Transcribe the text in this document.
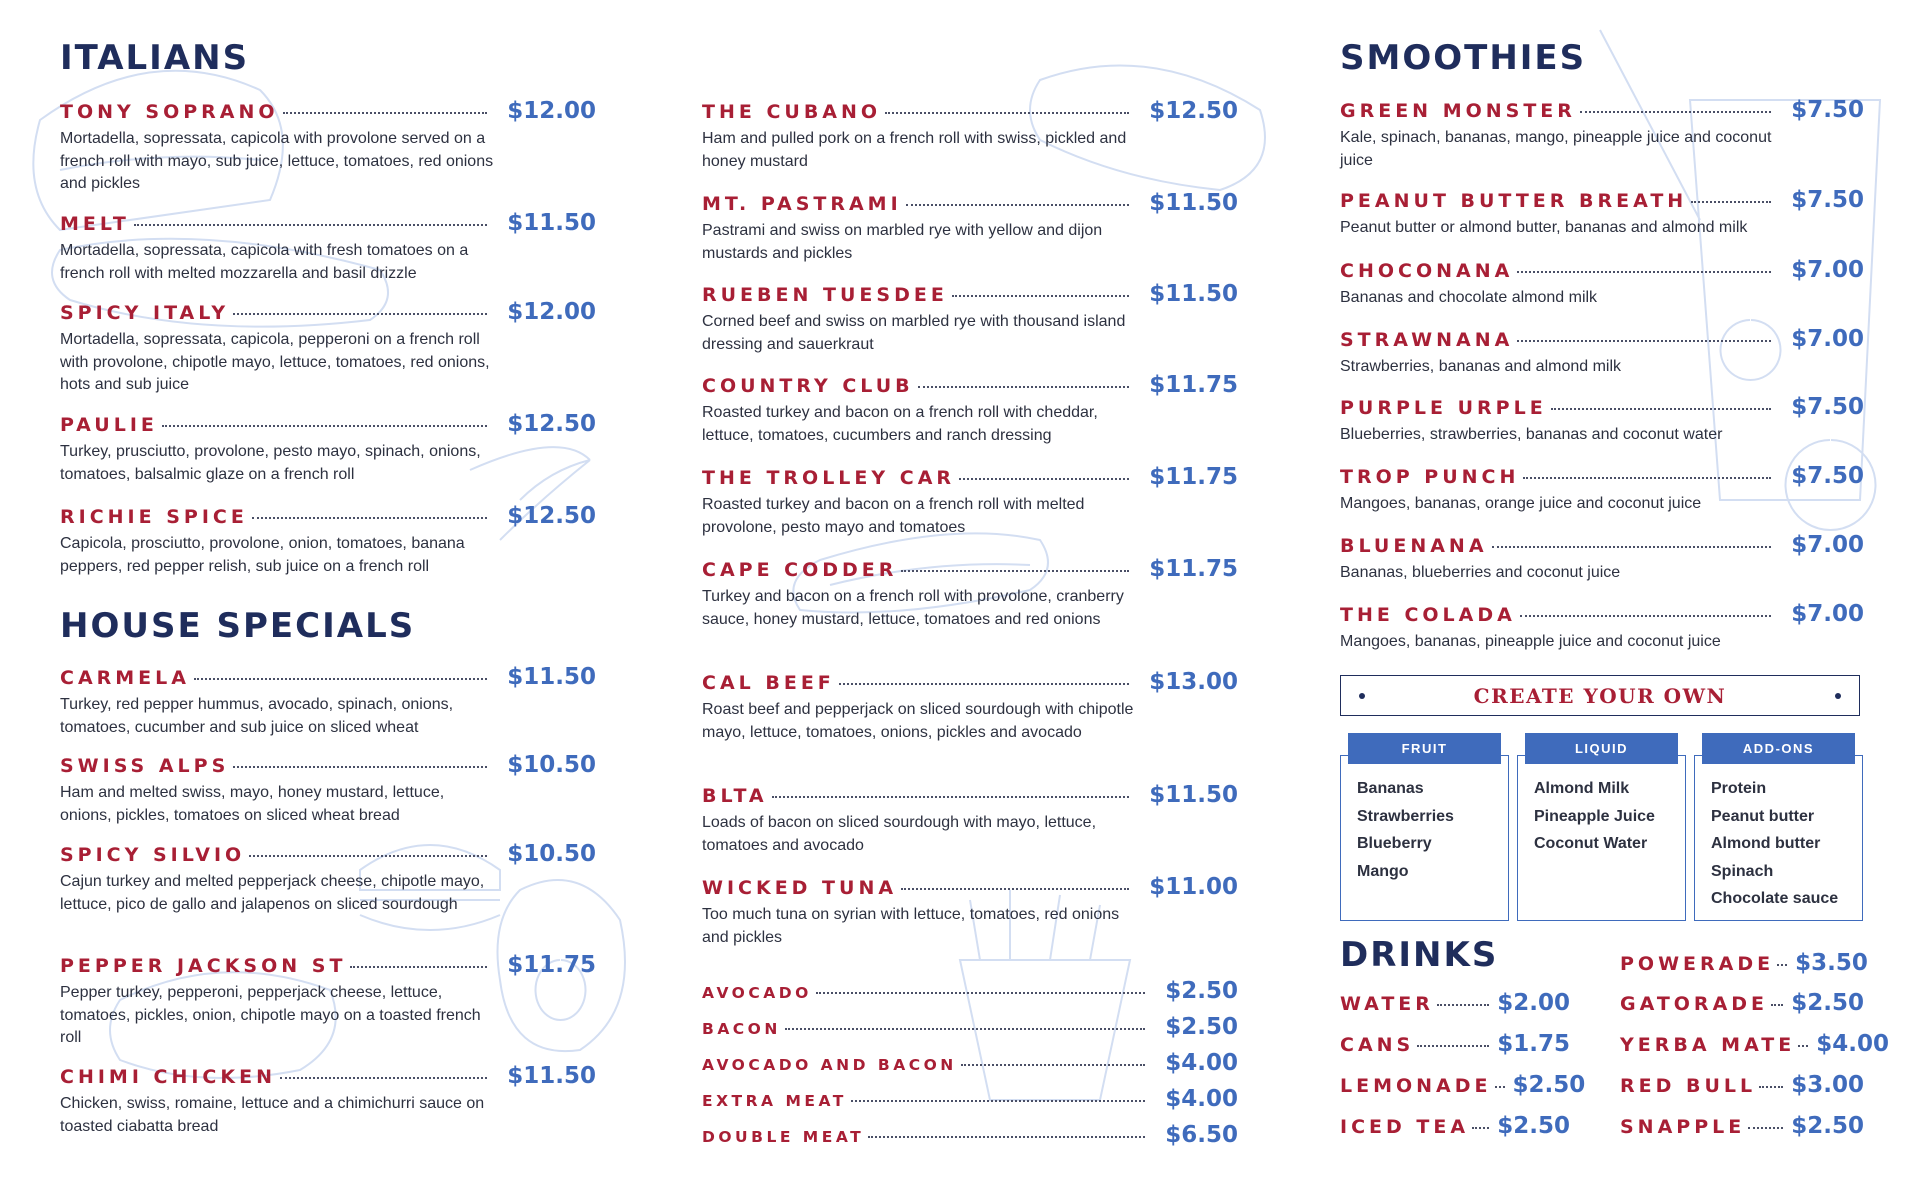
ITALIANS
TONY SOPRANO	$12.00
Mortadella, sopressata, capicola with provolone served on a french roll with mayo, sub juice, lettuce, tomatoes, red onions and pickles
MELT	$11.50
Mortadella, sopressata, capicola with fresh tomatoes on a french roll with melted mozzarella and basil drizzle
SPICY ITALY	$12.00
Mortadella, sopressata, capicola, pepperoni on a french roll with provolone, chipotle mayo, lettuce, tomatoes, red onions, hots and sub juice
PAULIE	$12.50
Turkey, prusciutto, provolone, pesto mayo, spinach, onions, tomatoes, balsalmic glaze on a french roll
RICHIE SPICE	$12.50
Capicola, prosciutto, provolone, onion, tomatoes, banana peppers, red pepper relish, sub juice on a french roll
HOUSE SPECIALS
CARMELA	$11.50
Turkey, red pepper hummus, avocado, spinach, onions, tomatoes, cucumber and sub juice on sliced wheat
SWISS ALPS	$10.50
Ham and melted swiss, mayo, honey mustard, lettuce, onions, pickles, tomatoes on sliced wheat bread
SPICY SILVIO	$10.50
Cajun turkey and melted pepperjack cheese, chipotle mayo, lettuce, pico de gallo and jalapenos on sliced sourdough
PEPPER JACKSON ST	$11.75
Pepper turkey, pepperoni, pepperjack cheese, lettuce, tomatoes, pickles, onion, chipotle mayo on a toasted french roll
CHIMI CHICKEN	$11.50
Chicken, swiss, romaine, lettuce and a chimichurri sauce on toasted ciabatta bread
THE CUBANO	$12.50
Ham and pulled pork on a french roll with swiss, pickled and honey mustard
MT. PASTRAMI	$11.50
Pastrami and swiss on marbled rye with yellow and dijon mustards and pickles
RUEBEN TUESDEE	$11.50
Corned beef and swiss on marbled rye with thousand island dressing and sauerkraut
COUNTRY CLUB	$11.75
Roasted turkey and bacon on a french roll with cheddar, lettuce, tomatoes, cucumbers and ranch dressing
THE TROLLEY CAR	$11.75
Roasted turkey and bacon on a french roll with melted provolone, pesto mayo and tomatoes
CAPE CODDER	$11.75
Turkey and bacon on a french roll with provolone, cranberry sauce, honey mustard, lettuce, tomatoes and red onions
CAL BEEF	$13.00
Roast beef and pepperjack on sliced sourdough with chipotle mayo, lettuce, tomatoes, onions, pickles and avocado
BLTA	$11.50
Loads of bacon on sliced sourdough with mayo, lettuce, tomatoes and avocado
WICKED TUNA	$11.00
Too much tuna on syrian with lettuce, tomatoes, red onions and pickles
AVOCADO	$2.50
BACON	$2.50
AVOCADO AND BACON	$4.00
EXTRA MEAT	$4.00
DOUBLE MEAT	$6.50
SMOOTHIES
GREEN MONSTER	$7.50
Kale, spinach, bananas, mango, pineapple juice and coconut juice
PEANUT BUTTER BREATH	$7.50
Peanut butter or almond butter, bananas and almond milk
CHOCONANA	$7.00
Bananas and chocolate almond milk
STRAWNANA	$7.00
Strawberries, bananas and almond milk
PURPLE URPLE	$7.50
Blueberries, strawberries, bananas and coconut water
TROP PUNCH	$7.50
Mangoes, bananas, orange juice and coconut juice
BLUENANA	$7.00
Bananas, blueberries and coconut juice
THE COLADA	$7.00
Mangoes, bananas, pineapple juice and coconut juice
CREATE YOUR OWN
FRUIT
Bananas
Strawberries
Blueberry
Mango
LIQUID
Almond Milk
Pineapple Juice
Coconut Water
ADD-ONS
Protein
Peanut butter
Almond butter
Spinach
Chocolate sauce
DRINKS
WATER	$2.00
CANS	$1.75
LEMONADE $2.50
ICED TEA $2.50
POWERADE $3.50
GATORADE $2.50
YERBA MATE $4.00
RED BULL $3.00
SNAPPLE $2.50
